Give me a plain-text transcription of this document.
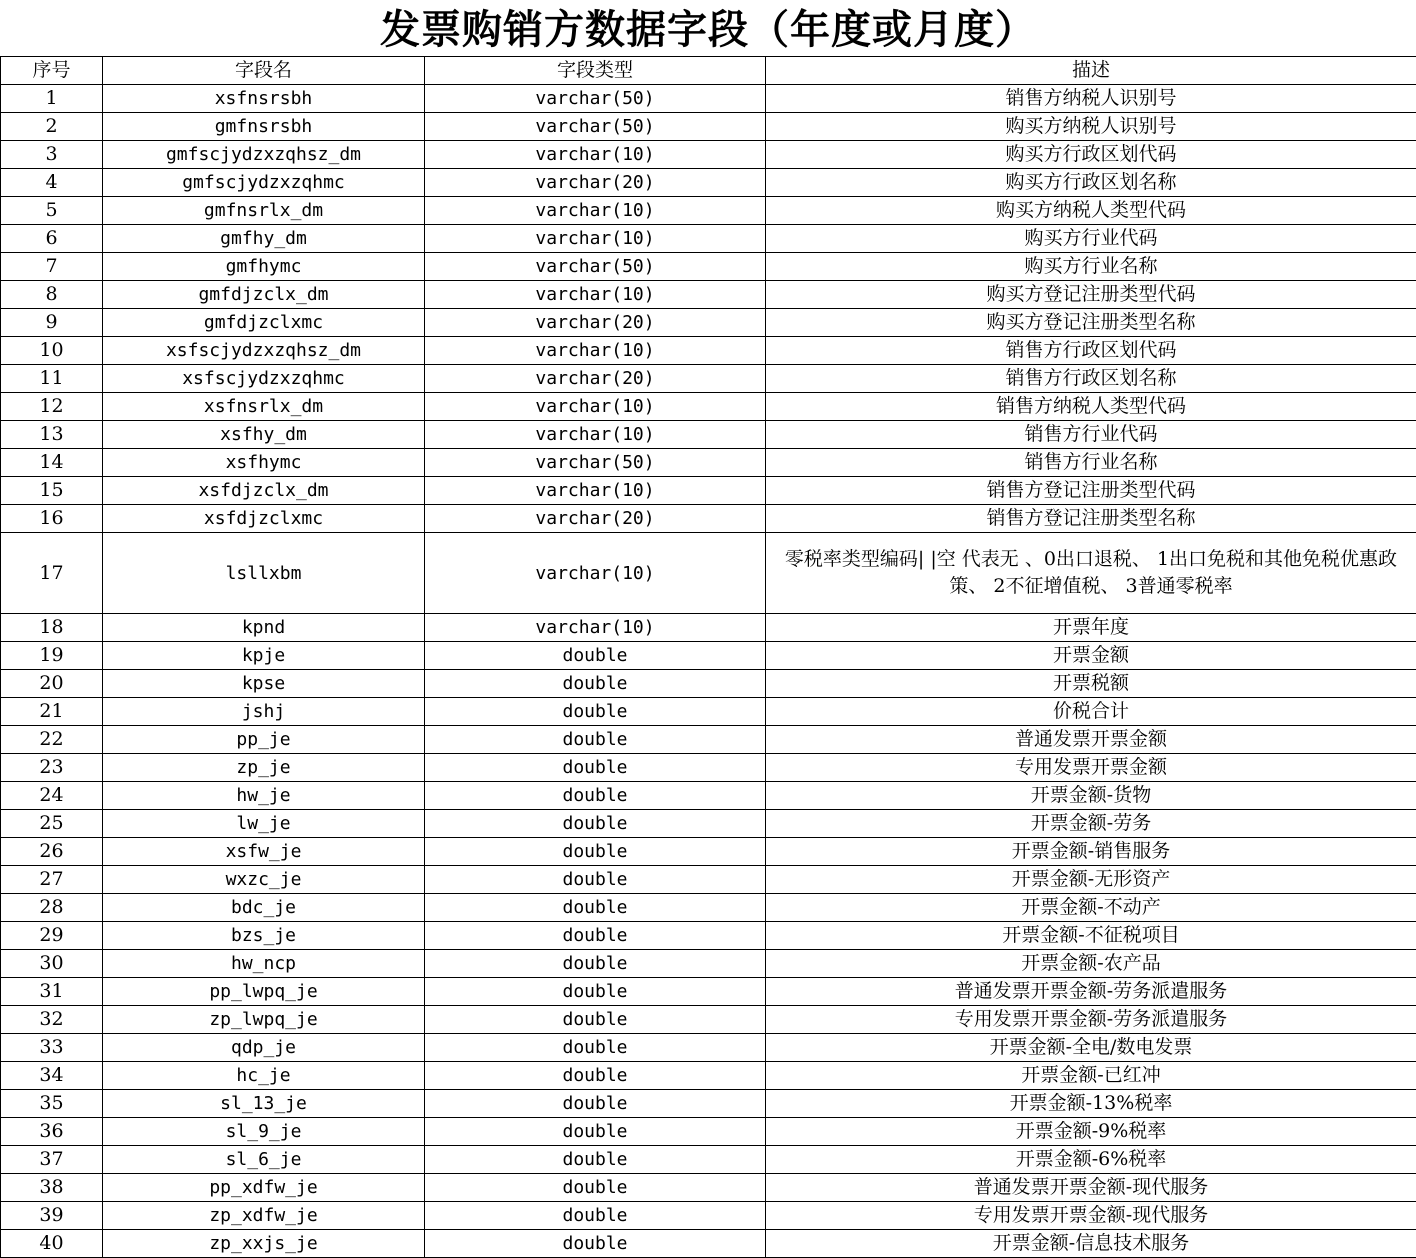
发票购销方数据字段（年度或月度）
序号	字段名	字段类型	描述
1	xsfnsrsbh	varchar(50)	销售方纳税人识别号
2	gmfnsrsbh	varchar(50)	购买方纳税人识别号
3	gmfscjydzxzqhsz_dm	varchar(10)	购买方行政区划代码
4	gmfscjydzxzqhmc	varchar(20)	购买方行政区划名称
5	gmfnsrlx_dm	varchar(10)	购买方纳税人类型代码
6	gmfhy_dm	varchar(10)	购买方行业代码
7	gmfhymc	varchar(50)	购买方行业名称
8	gmfdjzclx_dm	varchar(10)	购买方登记注册类型代码
9	gmfdjzclxmc	varchar(20)	购买方登记注册类型名称
10	xsfscjydzxzqhsz_dm	varchar(10)	销售方行政区划代码
11	xsfscjydzxzqhmc	varchar(20)	销售方行政区划名称
12	xsfnsrlx_dm	varchar(10)	销售方纳税人类型代码
13	xsfhy_dm	varchar(10)	销售方行业代码
14	xsfhymc	varchar(50)	销售方行业名称
15	xsfdjzclx_dm	varchar(10)	销售方登记注册类型代码
16	xsfdjzclxmc	varchar(20)	销售方登记注册类型名称
17	lsllxbm	varchar(10)	零税率类型编码| |空 代表无 、0出口退税、 1出口免税和其他免税优惠政策、 2不征增值税、 3普通零税率
18	kpnd	varchar(10)	开票年度
19	kpje	double	开票金额
20	kpse	double	开票税额
21	jshj	double	价税合计
22	pp_je	double	普通发票开票金额
23	zp_je	double	专用发票开票金额
24	hw_je	double	开票金额-货物
25	lw_je	double	开票金额-劳务
26	xsfw_je	double	开票金额-销售服务
27	wxzc_je	double	开票金额-无形资产
28	bdc_je	double	开票金额-不动产
29	bzs_je	double	开票金额-不征税项目
30	hw_ncp	double	开票金额-农产品
31	pp_lwpq_je	double	普通发票开票金额-劳务派遣服务
32	zp_lwpq_je	double	专用发票开票金额-劳务派遣服务
33	qdp_je	double	开票金额-全电/数电发票
34	hc_je	double	开票金额-已红冲
35	sl_13_je	double	开票金额-13%税率
36	sl_9_je	double	开票金额-9%税率
37	sl_6_je	double	开票金额-6%税率
38	pp_xdfw_je	double	普通发票开票金额-现代服务
39	zp_xdfw_je	double	专用发票开票金额-现代服务
40	zp_xxjs_je	double	开票金额-信息技术服务
